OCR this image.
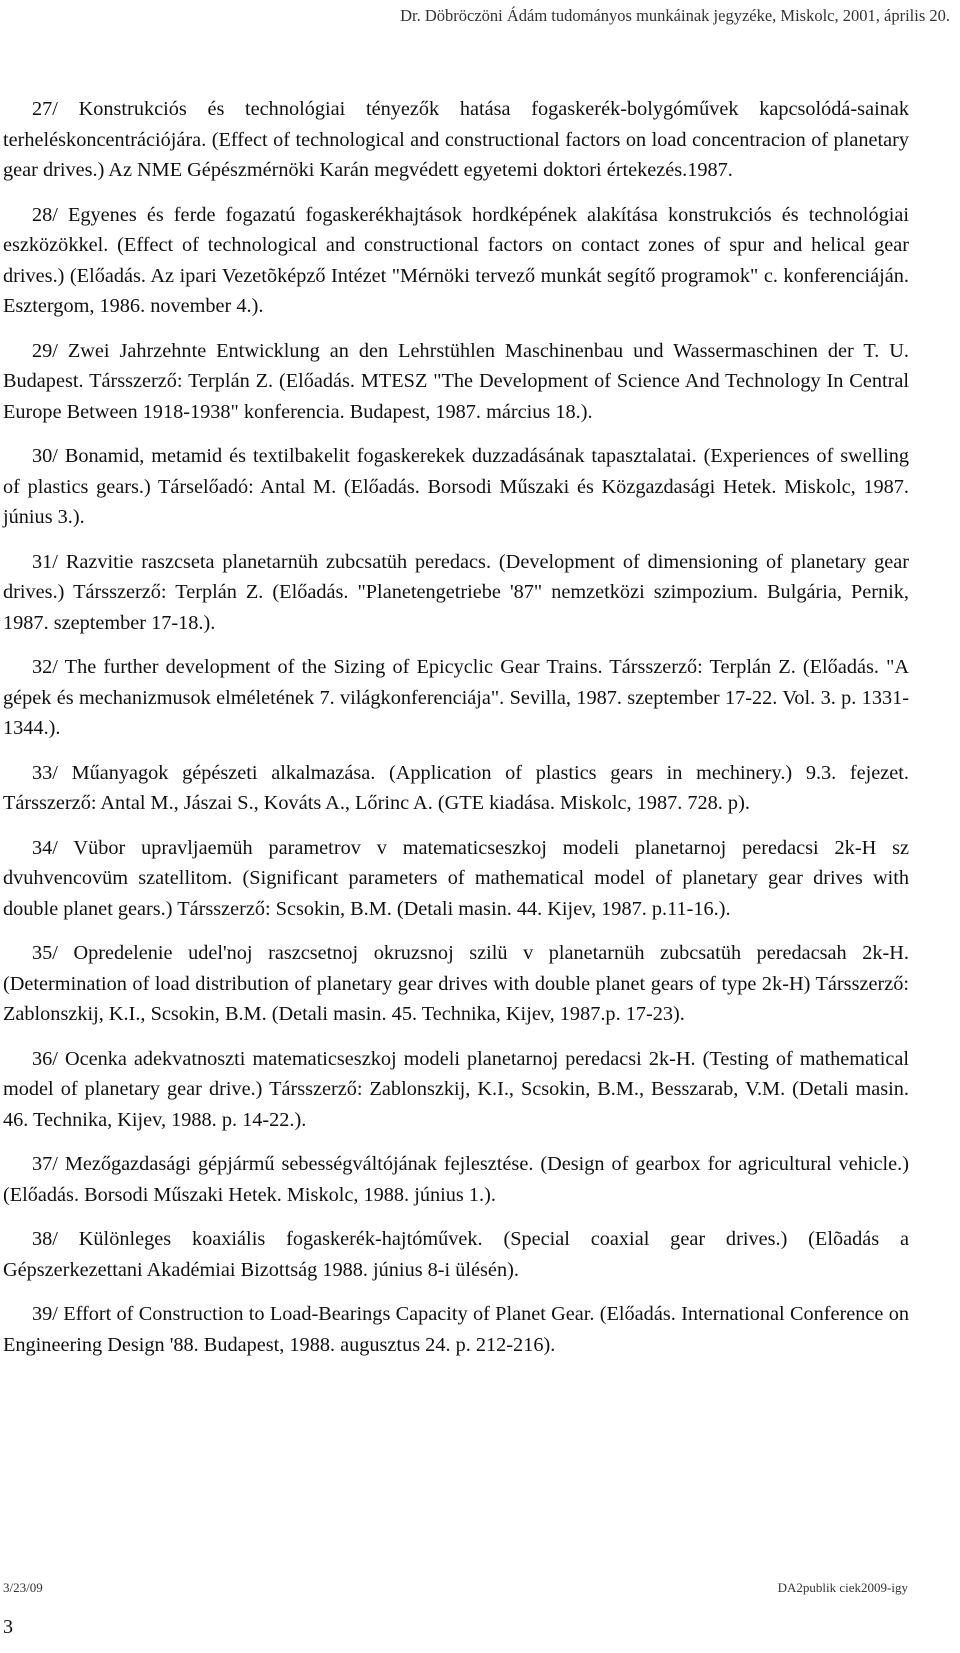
Dr. Döbröczöni Ádám tudományos munkáinak jegyzéke, Miskolc, 2001, április 20.

27/ Konstrukciós és technológiai tényezők hatása fogaskerék-bolygóművek kapcsolódá-sainak terheléskoncentrációjára. (Effect of technological and constructional factors on load concentracion of planetary gear drives.) Az NME Gépészmérnöki Karán megvédett egyetemi doktori értekezés.1987.

28/ Egyenes és ferde fogazatú fogaskerékhajtások hordképének alakítása konstrukciós és technológiai eszközökkel. (Effect of technological and constructional factors on contact zones of spur and helical gear drives.) (Előadás. Az ipari Vezetõképző Intézet "Mérnöki tervező munkát segítő programok" c. konferenciáján. Esztergom, 1986. november 4.).

29/ Zwei Jahrzehnte Entwicklung an den Lehrstühlen Maschinenbau und Wassermaschinen der T. U. Budapest. Társszerző: Terplán Z. (Előadás. MTESZ "The Development of Science And Technology In Central Europe Between 1918-1938" konferencia. Budapest, 1987. március 18.).

30/ Bonamid, metamid és textilbakelit fogaskerekek duzzadásának tapasztalatai. (Experiences of swelling of plastics gears.) Társelőadó: Antal M. (Előadás. Borsodi Műszaki és Közgazdasági Hetek. Miskolc, 1987. június 3.).

31/ Razvitie raszcseta planetarnüh zubcsatüh peredacs. (Development of dimensioning of planetary gear drives.) Társszerző: Terplán Z. (Előadás. "Planetengetriebe '87" nemzetközi szimpozium. Bulgária, Pernik, 1987. szeptember 17-18.).

32/ The further development of the Sizing of Epicyclic Gear Trains. Társszerző: Terplán Z. (Előadás. "A gépek és mechanizmusok elméletének 7. világkonferenciája". Sevilla, 1987. szeptember 17-22. Vol. 3. p. 1331-1344.).

33/ Műanyagok gépészeti alkalmazása. (Application of plastics gears in mechinery.) 9.3. fejezet. Társszerző: Antal M., Jászai S., Kováts A., Lőrinc A. (GTE kiadása. Miskolc, 1987. 728. p).

34/ Vübor upravljaemüh parametrov v matematicseszkoj modeli planetarnoj peredacsi 2k-H sz dvuhvencovüm szatellitom. (Significant parameters of mathematical model of planetary gear drives with double planet gears.) Társszerző: Scsokin, B.M. (Detali masin. 44. Kijev, 1987. p.11-16.).

35/ Opredelenie udel'noj raszcsetnoj okruzsnoj szilü v planetarnüh zubcsatüh peredacsah 2k-H. (Determination of load distribution of planetary gear drives with double planet gears of type 2k-H) Társszerző: Zablonszkij, K.I., Scsokin, B.M. (Detali masin. 45. Technika, Kijev, 1987.p. 17-23).

36/ Ocenka adekvatnoszti matematicseszkoj modeli planetarnoj peredacsi 2k-H. (Testing of mathematical model of planetary gear drive.) Társszerző: Zablonszkij, K.I., Scsokin, B.M., Besszarab, V.M. (Detali masin. 46. Technika, Kijev, 1988. p. 14-22.).

37/ Mezőgazdasági gépjármű sebességváltójának fejlesztése. (Design of gearbox for agricultural vehicle.) (Előadás. Borsodi Műszaki Hetek. Miskolc, 1988. június 1.).

38/ Különleges koaxiális fogaskerék-hajtóművek. (Special coaxial gear drives.) (Elõadás a Gépszerkezettani Akadémiai Bizottság 1988. június 8-i ülésén).

39/ Effort of Construction to Load-Bearings Capacity of Planet Gear. (Előadás. International Conference on Engineering Design '88. Budapest, 1988. augusztus 24. p. 212-216).

3/23/09	DA2publik ciek2009-igy
3
